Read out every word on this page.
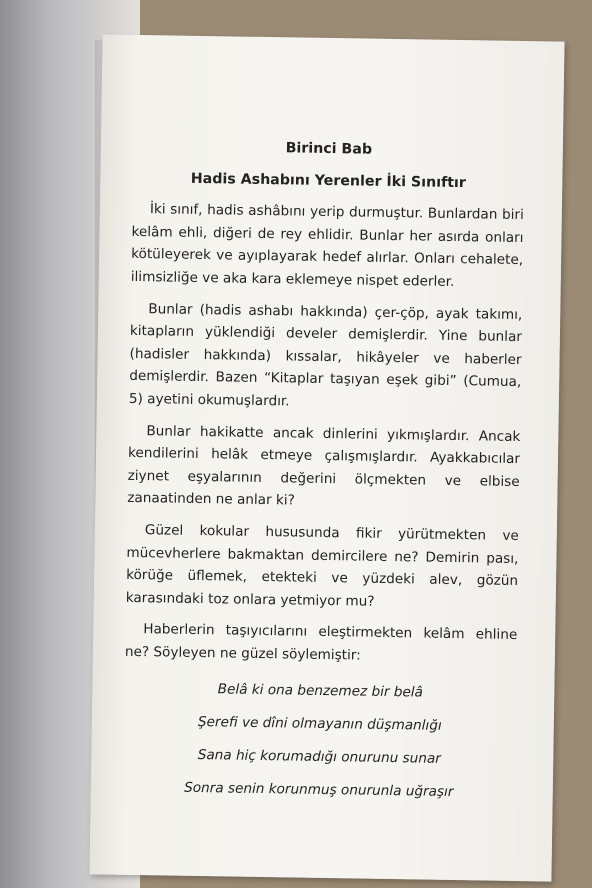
Birinci Bab

Hadis Ashabını Yerenler İki Sınıftır

İki sınıf, hadis ashâbını yerip durmuştur. Bunlardan biri kelâm ehli, diğeri de rey ehlidir. Bunlar her asırda onları kötüleyerek ve ayıplayarak hedef alırlar. Onları cehalete, ilimsizliğe ve aka kara eklemeye nispet ederler.

Bunlar (hadis ashabı hakkında) çer-çöp, ayak takımı, kitapların yüklendiği develer demişlerdir. Yine bunlar (hadisler hakkında) kıssalar, hikâyeler ve haberler demişlerdir. Bazen “Kitaplar taşıyan eşek gibi” (Cumua, 5) ayetini okumuşlardır.

Bunlar hakikatte ancak dinlerini yıkmışlardır. Ancak kendilerini helâk etmeye çalışmışlardır. Ayakkabıcılar ziynet eşyalarının değerini ölçmekten ve elbise zanaatinden ne anlar ki?

Güzel kokular hususunda fikir yürütmekten ve mücevherlere bakmaktan demircilere ne? Demirin pası, körüğe üflemek, etekteki ve yüzdeki alev, gözün karasındaki toz onlara yetmiyor mu?

Haberlerin taşıyıcılarını eleştirmekten kelâm ehline ne? Söyleyen ne güzel söylemiştir:

Belâ ki ona benzemez bir belâ

Şerefi ve dîni olmayanın düşmanlığı

Sana hiç korumadığı onurunu sunar

Sonra senin korunmuş onurunla uğraşır
